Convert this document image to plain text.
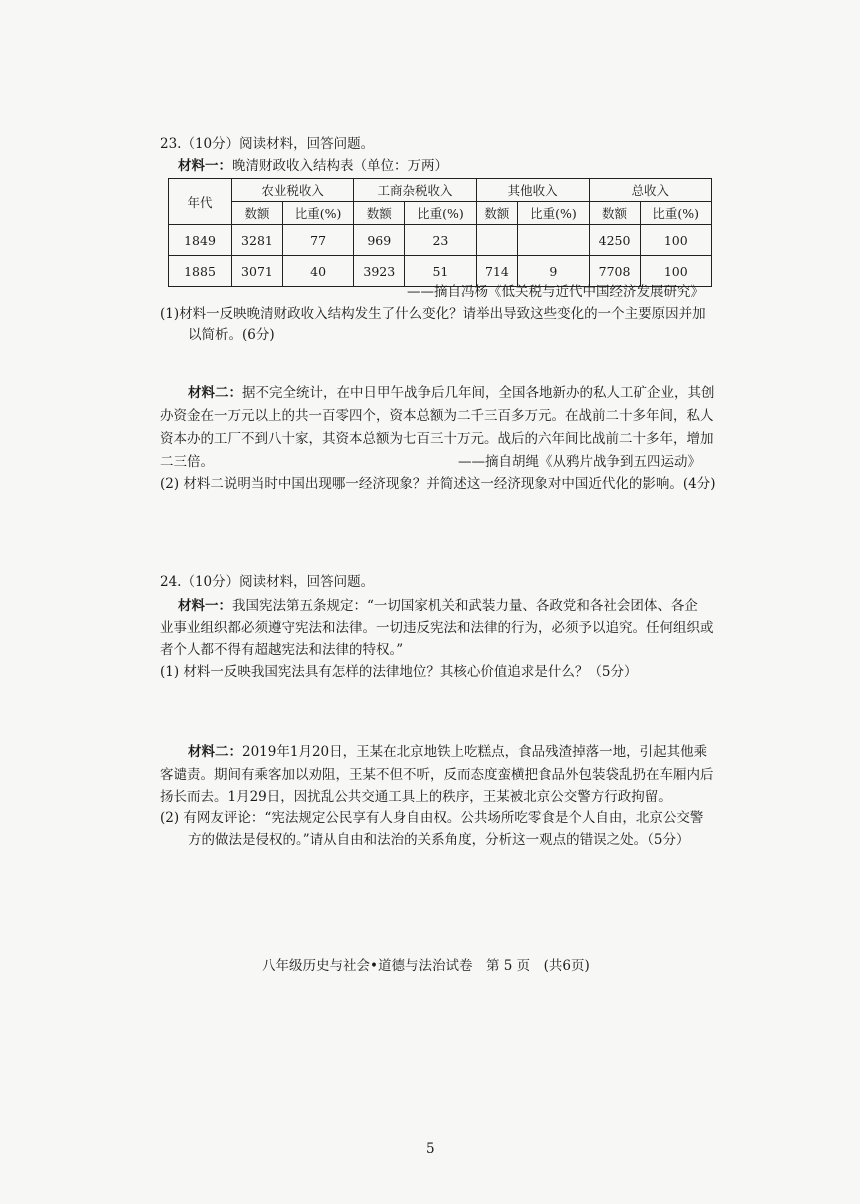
23.（10分）阅读材料，回答问题。
材料一：晚清财政收入结构表（单位：万两）
年代	农业税收入		工商杂税收入		其他收入		总收入	
	数额	比重(%)	数额	比重(%)	数额	比重(%)	数额	比重(%)
1849	3281	77	969	23			4250	100
1885	3071	40	3923	51	714	9	7708	100
——摘自冯杨《低关税与近代中国经济发展研究》
(1)材料一反映晚清财政收入结构发生了什么变化？请举出导致这些变化的一个主要原因并加
以简析。(6分)
材料二：据不完全统计，在中日甲午战争后几年间，全国各地新办的私人工矿企业，其创
办资金在一万元以上的共一百零四个，资本总额为二千三百多万元。在战前二十多年间，私人
资本办的工厂不到八十家，其资本总额为七百三十万元。战后的六年间比战前二十多年，增加
二三倍。	——摘自胡绳《从鸦片战争到五四运动》
(2) 材料二说明当时中国出现哪一经济现象？并简述这一经济现象对中国近代化的影响。(4分)
24.（10分）阅读材料，回答问题。
材料一：我国宪法第五条规定：“一切国家机关和武装力量、各政党和各社会团体、各企
业事业组织都必须遵守宪法和法律。一切违反宪法和法律的行为，必须予以追究。任何组织或
者个人都不得有超越宪法和法律的特权。”
(1) 材料一反映我国宪法具有怎样的法律地位？其核心价值追求是什么？（5分）
材料二：2019年1月20日，王某在北京地铁上吃糕点，食品残渣掉落一地，引起其他乘
客谴责。期间有乘客加以劝阻，王某不但不听，反而态度蛮横把食品外包装袋乱扔在车厢内后
扬长而去。1月29日，因扰乱公共交通工具上的秩序，王某被北京公交警方行政拘留。
(2) 有网友评论：“宪法规定公民享有人身自由权。公共场所吃零食是个人自由，北京公交警
方的做法是侵权的。”请从自由和法治的关系角度，分析这一观点的错误之处。（5分）
八年级历史与社会•道德与法治试卷　第 5 页　(共6页)
5
